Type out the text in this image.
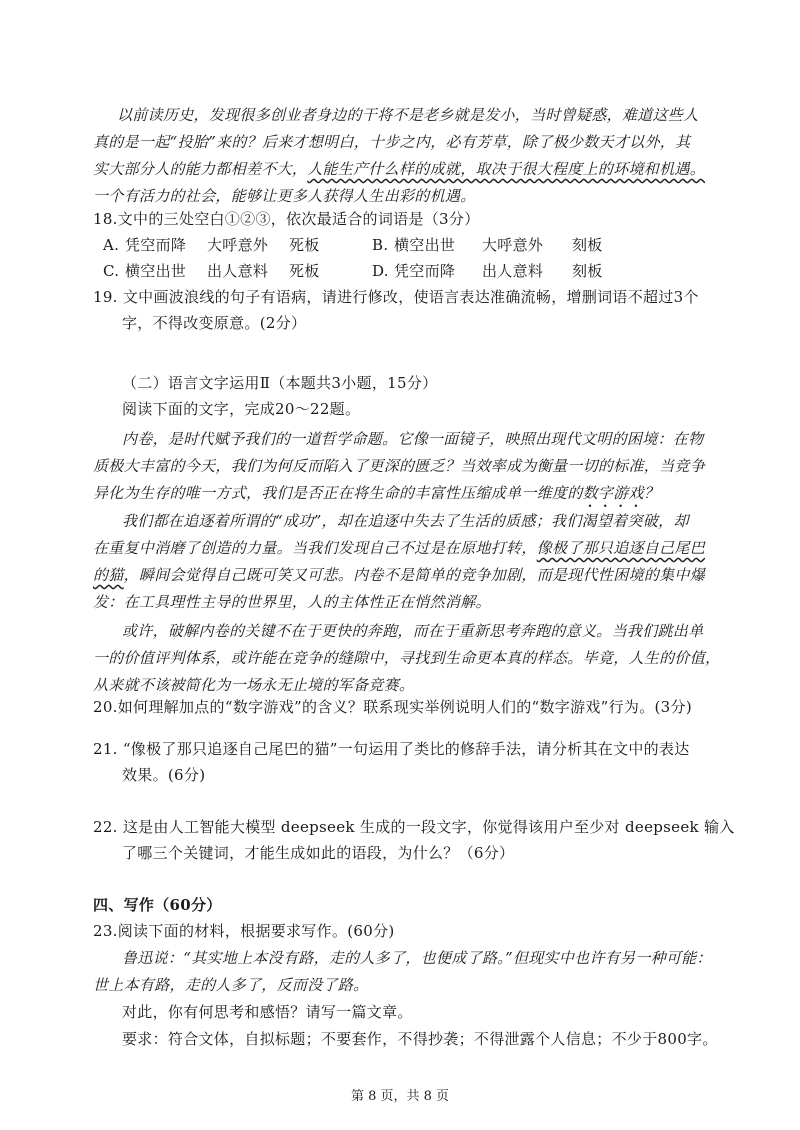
以前读历史，发现很多创业者身边的干将不是老乡就是发小，当时曾疑惑，难道这些人
真的是一起“投胎”来的？后来才想明白，十步之内，必有芳草，除了极少数天才以外，其
实大部分人的能力都相差不大，人能生产什么样的成就，取决于很大程度上的环境和机遇。
一个有活力的社会，能够让更多人获得人生出彩的机遇。
18.文中的三处空白①②③，依次最适合的词语是（3分）
A. 凭空而降 大呼意外 死板	B. 横空出世 大呼意外 刻板
C. 横空出世 出人意料 死板	D. 凭空而降 出人意料 刻板
19. 文中画波浪线的句子有语病，请进行修改，使语言表达准确流畅，增删词语不超过3个
字，不得改变原意。(2分）
（二）语言文字运用Ⅱ（本题共3小题，15分）
阅读下面的文字，完成20～22题。
内卷，是时代赋予我们的一道哲学命题。它像一面镜子，映照出现代文明的困境：在物
质极大丰富的今天，我们为何反而陷入了更深的匮乏？当效率成为衡量一切的标准，当竞争
异化为生存的唯一方式，我们是否正在将生命的丰富性压缩成单一维度的数字游戏？
我们都在追逐着所谓的“成功”，却在追逐中失去了生活的质感；我们渴望着突破，却
在重复中消磨了创造的力量。当我们发现自己不过是在原地打转，像极了那只追逐自己尾巴
的猫，瞬间会觉得自己既可笑又可悲。内卷不是简单的竞争加剧，而是现代性困境的集中爆
发：在工具理性主导的世界里，人的主体性正在悄然消解。
或许，破解内卷的关键不在于更快的奔跑，而在于重新思考奔跑的意义。当我们跳出单
一的价值评判体系，或许能在竞争的缝隙中，寻找到生命更本真的样态。毕竟，人生的价值，
从来就不该被简化为一场永无止境的军备竞赛。
20.如何理解加点的“数字游戏”的含义？联系现实举例说明人们的“数字游戏”行为。(3分)
21. “像极了那只追逐自己尾巴的猫”一句运用了类比的修辞手法，请分析其在文中的表达
效果。(6分)
22. 这是由人工智能大模型 deepseek 生成的一段文字，你觉得该用户至少对 deepseek 输入
了哪三个关键词，才能生成如此的语段，为什么？（6分）
四、写作（60分）
23.阅读下面的材料，根据要求写作。(60分)
鲁迅说：“其实地上本没有路，走的人多了，也便成了路。”但现实中也许有另一种可能：
世上本有路，走的人多了，反而没了路。
对此，你有何思考和感悟？请写一篇文章。
要求：符合文体，自拟标题；不要套作，不得抄袭；不得泄露个人信息；不少于800字。
第 8 页，共 8 页
